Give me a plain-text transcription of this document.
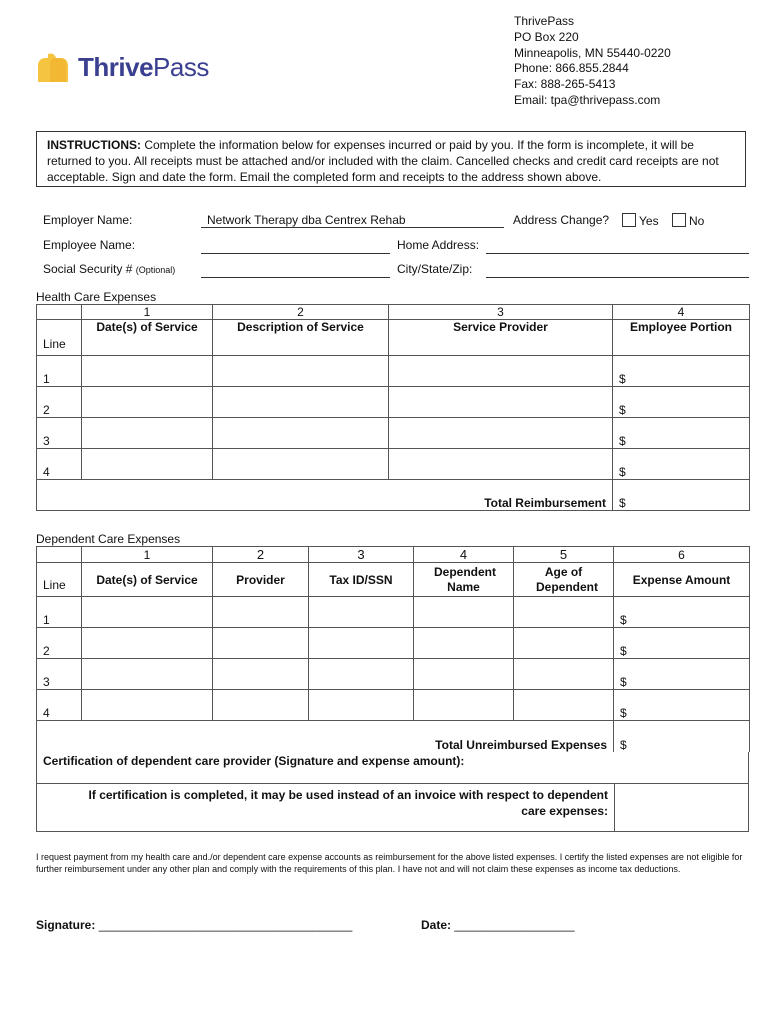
ThrivePass
ThrivePass
PO Box 220
Minneapolis, MN 55440-0220
Phone: 866.855.2844
Fax: 888-265-5413
Email: tpa@thrivepass.com
INSTRUCTIONS: Complete the information below for expenses incurred or paid by you. If the form is incomplete, it will be returned to you. All receipts must be attached and/or included with the claim. Cancelled checks and credit card receipts are not acceptable. Sign and date the form. Email the completed form and receipts to the address shown above.
Employer Name:	Network Therapy dba Centrex Rehab	Address Change?	Yes	No
Employee Name:	Home Address:
Social Security # (Optional)	City/State/Zip:
Health Care Expenses
	1	2	3	4
Line	Date(s) of Service	Description of Service	Service Provider	Employee Portion
1				$
2				$
3				$
4				$
Total Reimbursement				$
Dependent Care Expenses
	1	2	3	4	5	6
Line	Date(s) of Service	Provider	Tax ID/SSN	Dependent Name	Age of Dependent	Expense Amount
1						$
2						$
3						$
4						$
Total Unreimbursed Expenses						$
Certification of dependent care provider (Signature and expense amount):
If certification is completed, it may be used instead of an invoice with respect to dependent care expenses:
I request payment from my health care and./or dependent care expense accounts as reimbursement for the above listed expenses. I certify the listed expenses are not eligible for further reimbursement under any other plan and comply with the requirements of this plan. I have not and will not claim these expenses as income tax deductions.
Signature: ______________________________________	Date: __________________
